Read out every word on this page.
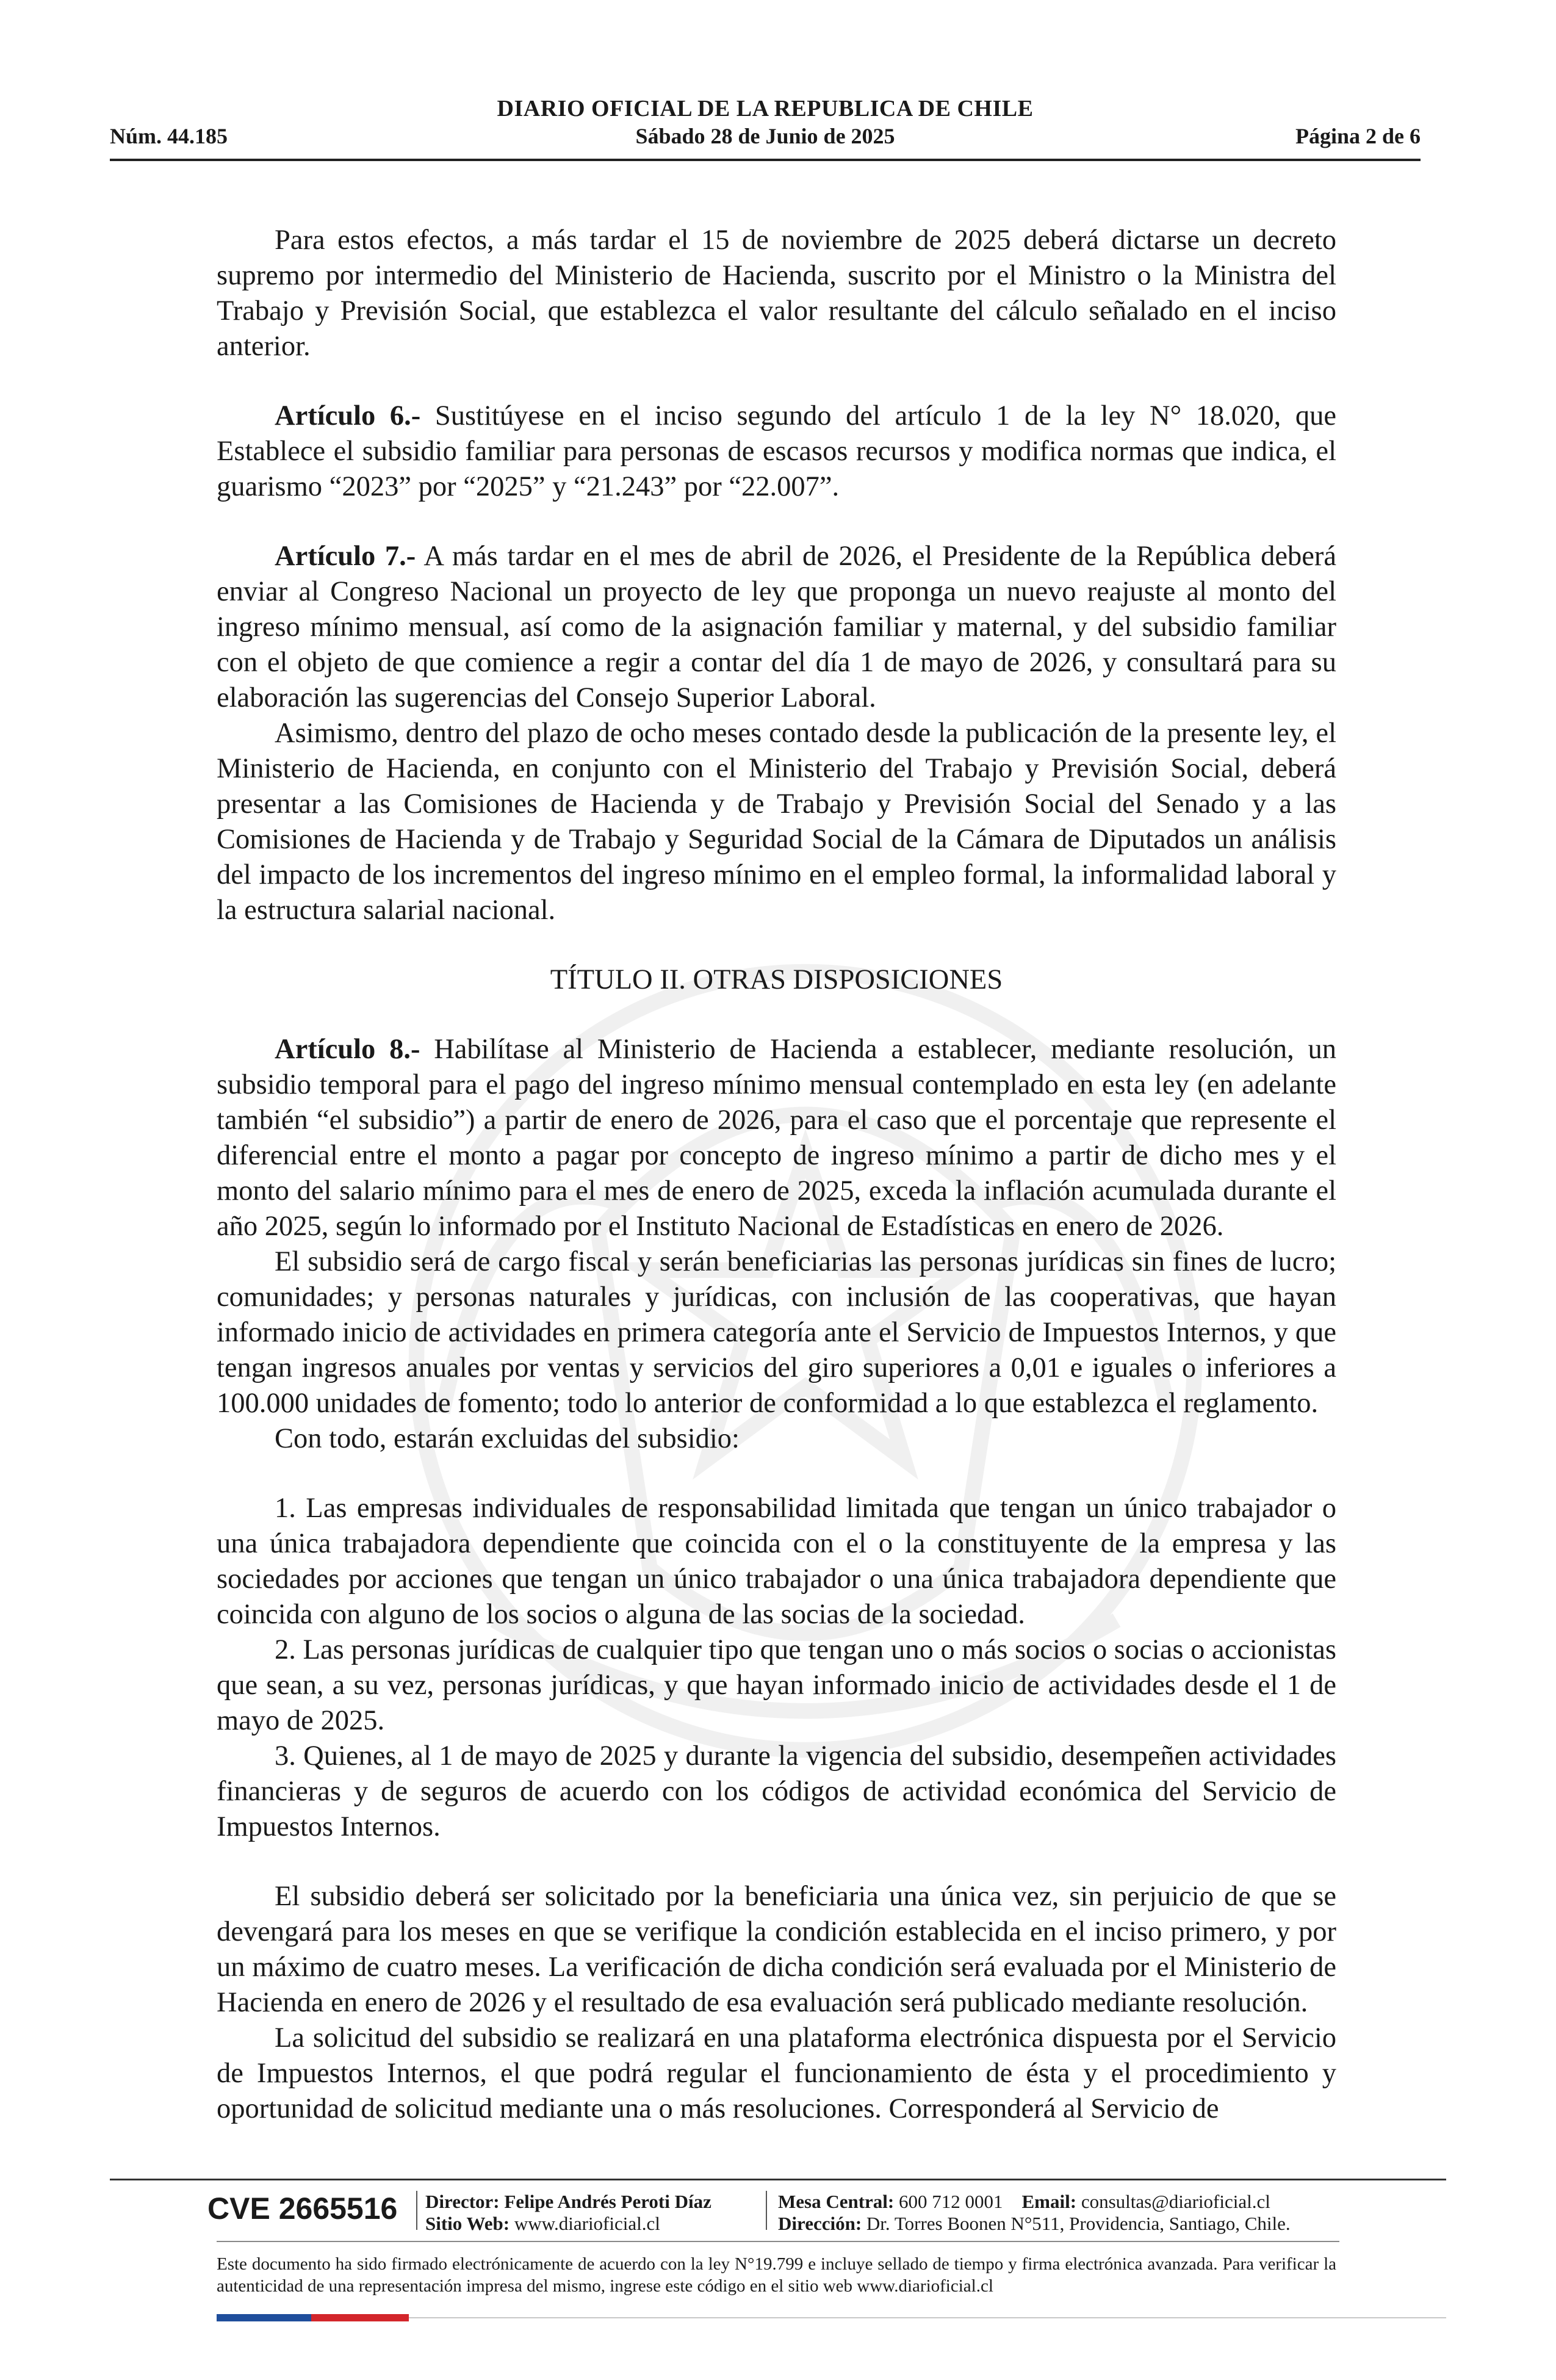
DIARIO OFICIAL DE LA REPUBLICA DE CHILE
Núm. 44.185	Sábado 28 de Junio de 2025	Página 2 de 6

Para estos efectos, a más tardar el 15 de noviembre de 2025 deberá dictarse un decreto supremo por intermedio del Ministerio de Hacienda, suscrito por el Ministro o la Ministra del Trabajo y Previsión Social, que establezca el valor resultante del cálculo señalado en el inciso anterior.

Artículo 6.- Sustitúyese en el inciso segundo del artículo 1 de la ley N° 18.020, que Establece el subsidio familiar para personas de escasos recursos y modifica normas que indica, el guarismo “2023” por “2025” y “21.243” por “22.007”.

Artículo 7.- A más tardar en el mes de abril de 2026, el Presidente de la República deberá enviar al Congreso Nacional un proyecto de ley que proponga un nuevo reajuste al monto del ingreso mínimo mensual, así como de la asignación familiar y maternal, y del subsidio familiar con el objeto de que comience a regir a contar del día 1 de mayo de 2026, y consultará para su elaboración las sugerencias del Consejo Superior Laboral.

Asimismo, dentro del plazo de ocho meses contado desde la publicación de la presente ley, el Ministerio de Hacienda, en conjunto con el Ministerio del Trabajo y Previsión Social, deberá presentar a las Comisiones de Hacienda y de Trabajo y Previsión Social del Senado y a las Comisiones de Hacienda y de Trabajo y Seguridad Social de la Cámara de Diputados un análisis del impacto de los incrementos del ingreso mínimo en el empleo formal, la informalidad laboral y la estructura salarial nacional.

TÍTULO II. OTRAS DISPOSICIONES

Artículo 8.- Habilítase al Ministerio de Hacienda a establecer, mediante resolución, un subsidio temporal para el pago del ingreso mínimo mensual contemplado en esta ley (en adelante también “el subsidio”) a partir de enero de 2026, para el caso que el porcentaje que represente el diferencial entre el monto a pagar por concepto de ingreso mínimo a partir de dicho mes y el monto del salario mínimo para el mes de enero de 2025, exceda la inflación acumulada durante el año 2025, según lo informado por el Instituto Nacional de Estadísticas en enero de 2026.

El subsidio será de cargo fiscal y serán beneficiarias las personas jurídicas sin fines de lucro; comunidades; y personas naturales y jurídicas, con inclusión de las cooperativas, que hayan informado inicio de actividades en primera categoría ante el Servicio de Impuestos Internos, y que tengan ingresos anuales por ventas y servicios del giro superiores a 0,01 e iguales o inferiores a 100.000 unidades de fomento; todo lo anterior de conformidad a lo que establezca el reglamento.

Con todo, estarán excluidas del subsidio:

1. Las empresas individuales de responsabilidad limitada que tengan un único trabajador o una única trabajadora dependiente que coincida con el o la constituyente de la empresa y las sociedades por acciones que tengan un único trabajador o una única trabajadora dependiente que coincida con alguno de los socios o alguna de las socias de la sociedad.

2. Las personas jurídicas de cualquier tipo que tengan uno o más socios o socias o accionistas que sean, a su vez, personas jurídicas, y que hayan informado inicio de actividades desde el 1 de mayo de 2025.

3. Quienes, al 1 de mayo de 2025 y durante la vigencia del subsidio, desempeñen actividades financieras y de seguros de acuerdo con los códigos de actividad económica del Servicio de Impuestos Internos.

El subsidio deberá ser solicitado por la beneficiaria una única vez, sin perjuicio de que se devengará para los meses en que se verifique la condición establecida en el inciso primero, y por un máximo de cuatro meses. La verificación de dicha condición será evaluada por el Ministerio de Hacienda en enero de 2026 y el resultado de esa evaluación será publicado mediante resolución.

La solicitud del subsidio se realizará en una plataforma electrónica dispuesta por el Servicio de Impuestos Internos, el que podrá regular el funcionamiento de ésta y el procedimiento y oportunidad de solicitud mediante una o más resoluciones. Corresponderá al Servicio de

CVE 2665516 Director: Felipe Andrés Peroti Díaz
Sitio Web: www.diarioficial.cl
Mesa Central: 600 712 0001 Email: consultas@diarioficial.cl
Dirección: Dr. Torres Boonen N°511, Providencia, Santiago, Chile.
Este documento ha sido firmado electrónicamente de acuerdo con la ley N°19.799 e incluye sellado de tiempo y firma electrónica avanzada. Para verificar la autenticidad de una representación impresa del mismo, ingrese este código en el sitio web www.diarioficial.cl
